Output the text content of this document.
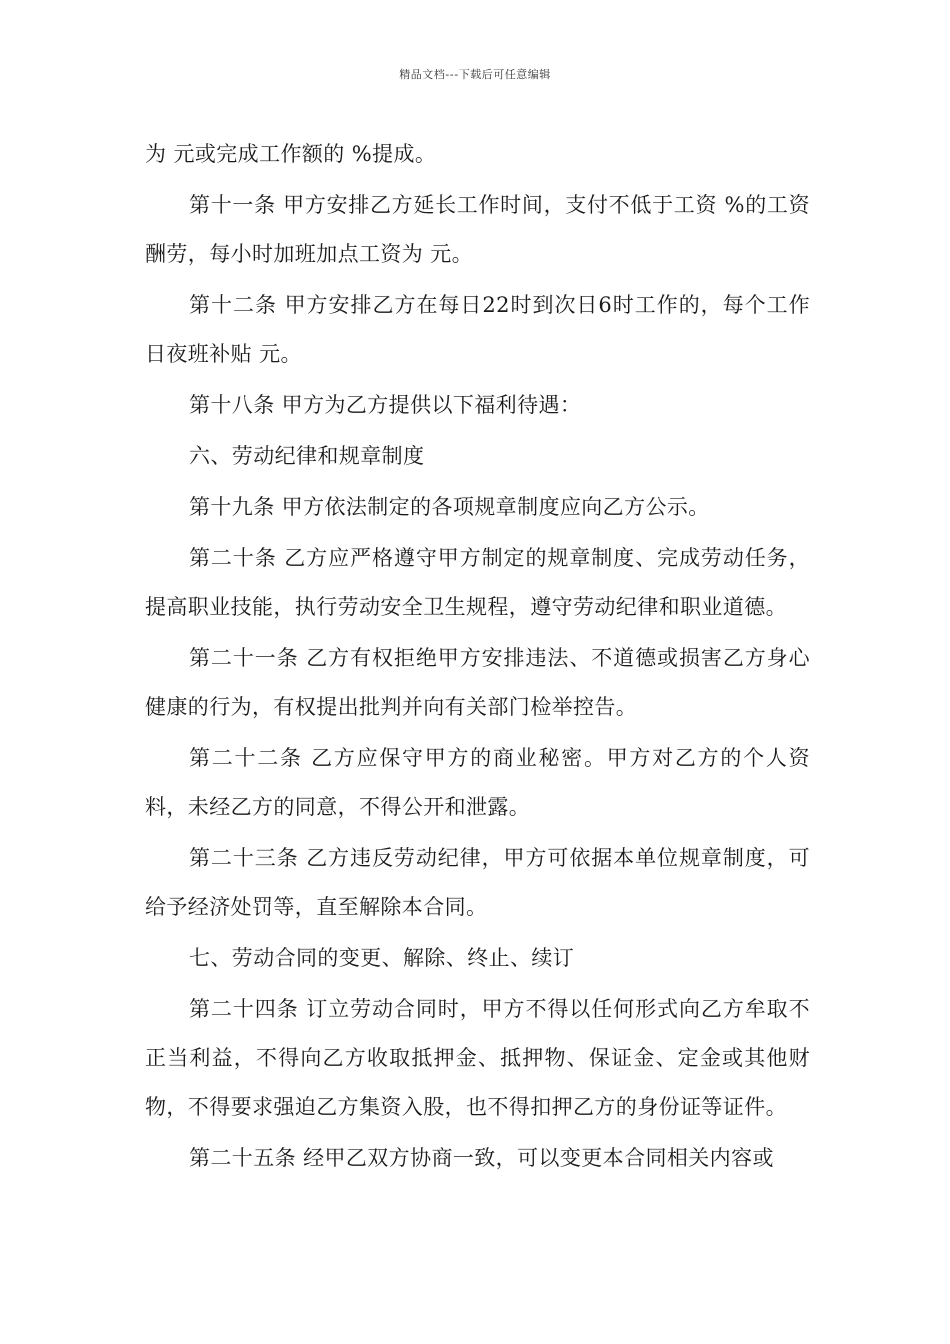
精品文档---下载后可任意编辑

为 元或完成工作额的 %提成。

第十一条 甲方安排乙方延长工作时间，支付不低于工资 %的工资酬劳，每小时加班加点工资为 元。

第十二条 甲方安排乙方在每日22时到次日6时工作的，每个工作日夜班补贴 元。

第十八条 甲方为乙方提供以下福利待遇：

六、劳动纪律和规章制度

第十九条 甲方依法制定的各项规章制度应向乙方公示。

第二十条 乙方应严格遵守甲方制定的规章制度、完成劳动任务，提高职业技能，执行劳动安全卫生规程，遵守劳动纪律和职业道德。

第二十一条 乙方有权拒绝甲方安排违法、不道德或损害乙方身心健康的行为，有权提出批判并向有关部门检举控告。

第二十二条 乙方应保守甲方的商业秘密。甲方对乙方的个人资料，未经乙方的同意，不得公开和泄露。

第二十三条 乙方违反劳动纪律，甲方可依据本单位规章制度，可给予经济处罚等，直至解除本合同。

七、劳动合同的变更、解除、终止、续订

第二十四条 订立劳动合同时，甲方不得以任何形式向乙方牟取不正当利益，不得向乙方收取抵押金、抵押物、保证金、定金或其他财物，不得要求强迫乙方集资入股，也不得扣押乙方的身份证等证件。

第二十五条 经甲乙双方协商一致，可以变更本合同相关内容或
